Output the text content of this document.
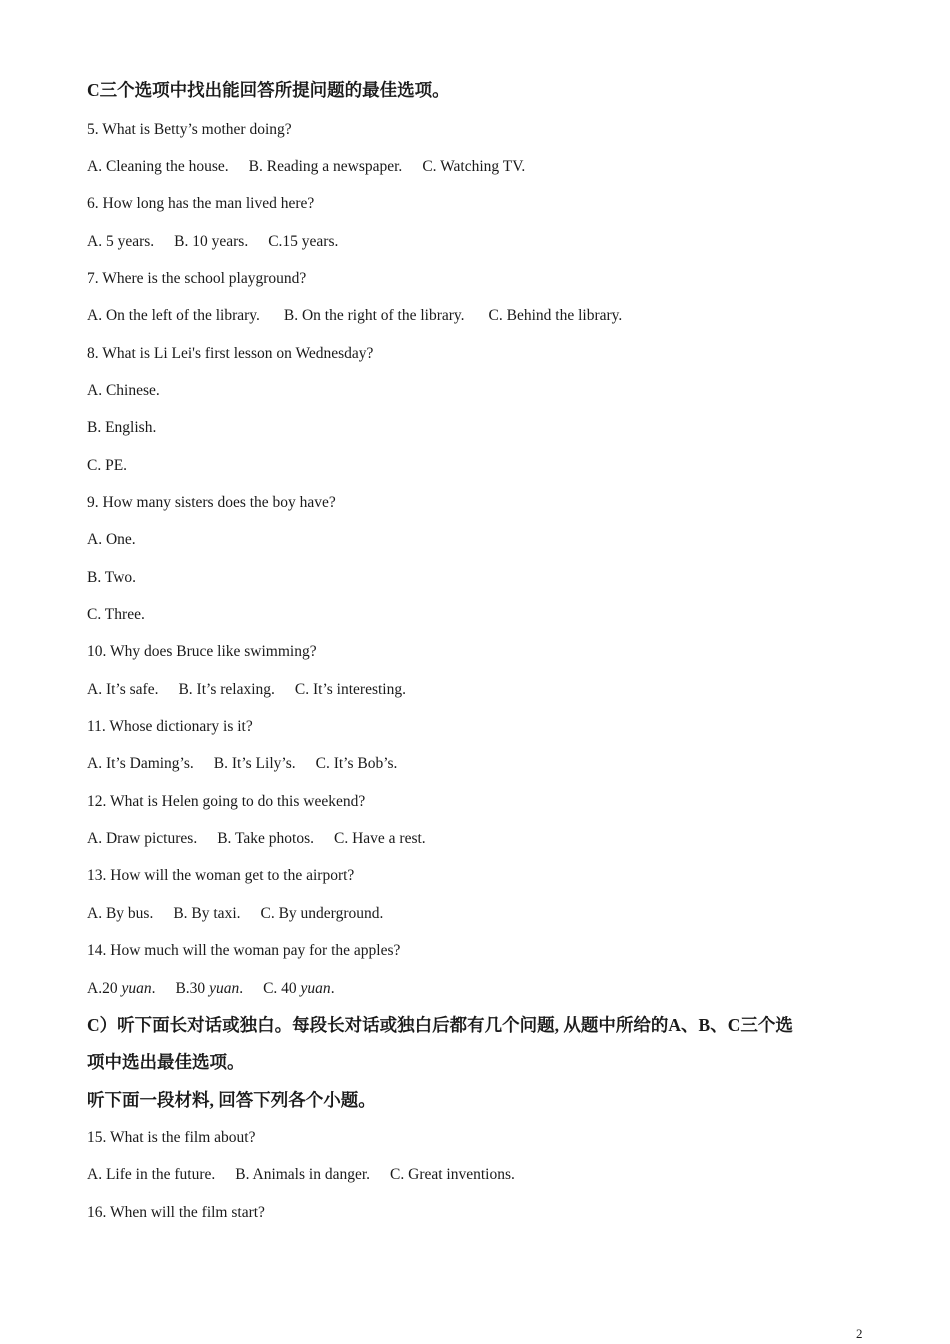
C三个选项中找出能回答所提问题的最佳选项。
5. What is Betty’s mother doing?
A. Cleaning the house. B. Reading a newspaper. C. Watching TV.
6. How long has the man lived here?
A. 5 years. B. 10 years. C.15 years.
7. Where is the school playground?
A. On the left of the library. B. On the right of the library. C. Behind the library.
8. What is Li Lei's first lesson on Wednesday?
A. Chinese.
B. English.
C. PE.
9. How many sisters does the boy have?
A. One.
B. Two.
C. Three.
10. Why does Bruce like swimming?
A. It’s safe. B. It’s relaxing. C. It’s interesting.
11. Whose dictionary is it?
A. It’s Daming’s. B. It’s Lily’s. C. It’s Bob’s.
12. What is Helen going to do this weekend?
A. Draw pictures. B. Take photos. C. Have a rest.
13. How will the woman get to the airport?
A. By bus. B. By taxi. C. By underground.
14. How much will the woman pay for the apples?
A.20 yuan. B.30 yuan. C. 40 yuan.
C）听下面长对话或独白。每段长对话或独白后都有几个问题, 从题中所给的A、B、C三个选
项中选出最佳选项。
听下面一段材料, 回答下列各个小题。
15. What is the film about?
A. Life in the future. B. Animals in danger. C. Great inventions.
16. When will the film start?
2
